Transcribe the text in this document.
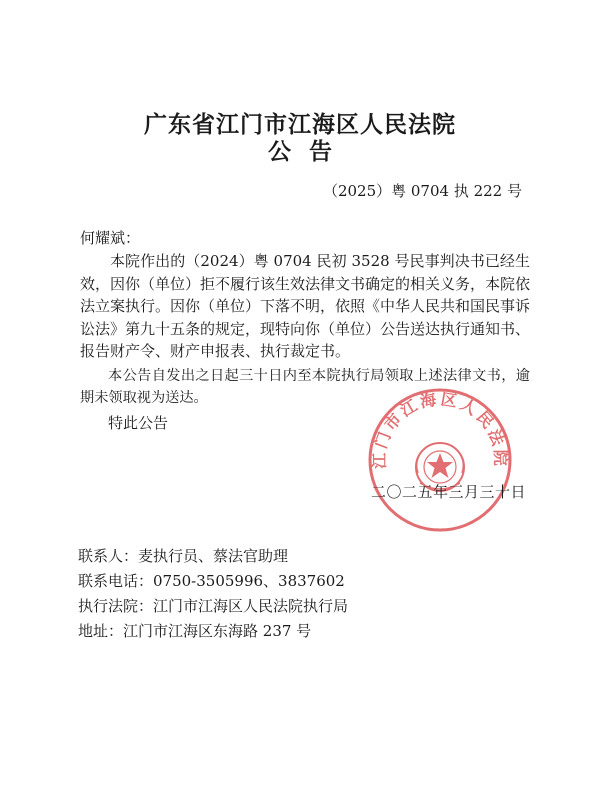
广东省江门市江海区人民法院
公告
（2025）粤 0704 执 222 号
何耀斌：

本院作出的（2024）粤 0704 民初 3528 号民事判决书已经生效，因你（单位）拒不履行该生效法律文书确定的相关义务，本院依法立案执行。因你（单位）下落不明，依照《中华人民共和国民事诉讼法》第九十五条的规定，现特向你（单位）公告送达执行通知书、报告财产令、财产申报表、执行裁定书。

本公告自发出之日起三十日内至本院执行局领取上述法律文书，逾期未领取视为送达。

特此公告
江门市江海区人民法院
二〇二五年三月三十日
联系人：麦执行员、蔡法官助理
联系电话：0750-3505996、3837602
执行法院：江门市江海区人民法院执行局
地址：江门市江海区东海路 237 号
